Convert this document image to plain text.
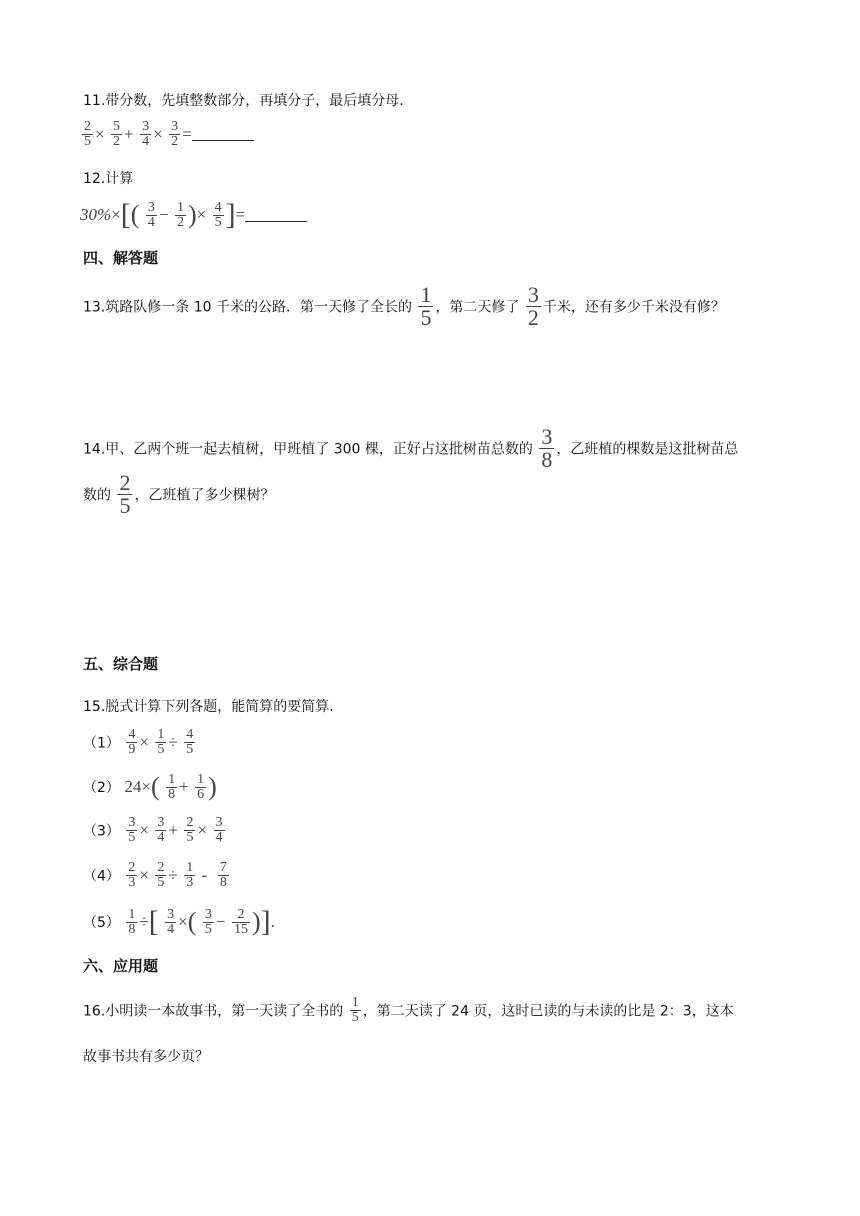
11.带分数，先填整数部分，再填分子，最后填分母.
$\frac{2}{5} \times \frac{5}{2} + \frac{3}{4} \times \frac{3}{2}$ =
12.计算
$30\%\times[( \frac{3}{4} - \frac{1}{2}$ )× $\frac{4}{5}$ ]=
四、解答题
13.筑路队修一条 10 千米的公路．第一天修了全长的 $\frac{1}{5}$ ，第二天修了 $\frac{3}{2}$ 千米，还有多少千米没有修？
14.甲、乙两个班一起去植树，甲班植了 300 棵，正好占这批树苗总数的 $\frac{3}{8}$ ，乙班植的棵数是这批树苗总
数的 $\frac{2}{5}$ ，乙班植了多少棵树？
五、综合题
15.脱式计算下列各题，能简算的要简算.
$(1) \frac{4}{9} \times \frac{1}{5} \div \frac{4}{5}$
（2） $24\times( \frac{1}{8} + \frac{1}{6}$ )
$(3) \frac{3}{5} \times \frac{3}{4} + \frac{2}{5} \times \frac{3}{4}$
$(4) \frac{2}{3} \times \frac{2}{5} \div \frac{1}{3} - \frac{7}{8}$
$(5) \frac{1}{8}$ ÷[ $\frac{3}{4}$ ×( $\frac{3}{5} - \frac{2}{15}$ )].
六、应用题
16.小明读一本故事书，第一天读了全书的 $\frac{1}{5}$ ，第二天读了 24 页，这时已读的与未读的比是 2：3，这本
故事书共有多少页？
